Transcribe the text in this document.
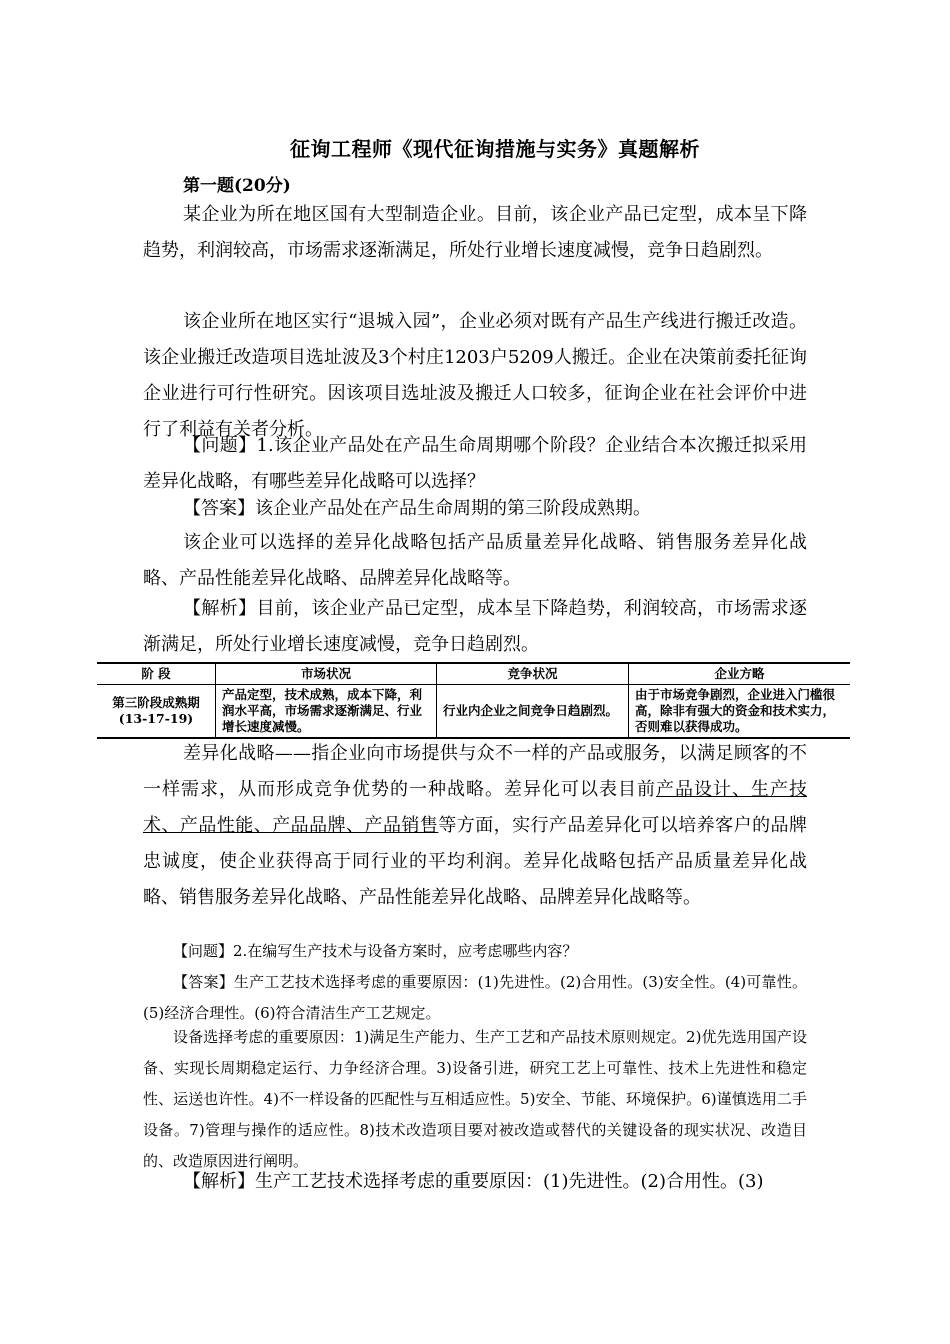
征询工程师《现代征询措施与实务》真题解析
第一题(20分)
某企业为所在地区国有大型制造企业。目前，该企业产品已定型，成本呈下降趋势，利润较高，市场需求逐渐满足，所处行业增长速度减慢，竞争日趋剧烈。
该企业所在地区实行“退城入园”，企业必须对既有产品生产线进行搬迁改造。该企业搬迁改造项目选址波及3个村庄1203户5209人搬迁。企业在决策前委托征询企业进行可行性研究。因该项目选址波及搬迁人口较多，征询企业在社会评价中进行了利益有关者分析。
【问题】1.该企业产品处在产品生命周期哪个阶段？企业结合本次搬迁拟采用差异化战略，有哪些差异化战略可以选择？
【答案】该企业产品处在产品生命周期的第三阶段成熟期。
该企业可以选择的差异化战略包括产品质量差异化战略、销售服务差异化战略、产品性能差异化战略、品牌差异化战略等。
【解析】目前，该企业产品已定型，成本呈下降趋势，利润较高，市场需求逐渐满足，所处行业增长速度减慢，竞争日趋剧烈。
阶 段	市场状况	竞争状况	企业方略
第三阶段成熟期(13-17-19)	产品定型，技术成熟，成本下降，利润水平高，市场需求逐渐满足、行业增长速度减慢。	行业内企业之间竞争日趋剧烈。	由于市场竞争剧烈，企业进入门槛很高，除非有强大的资金和技术实力，否则难以获得成功。
差异化战略——指企业向市场提供与众不一样的产品或服务，以满足顾客的不一样需求，从而形成竞争优势的一种战略。差异化可以表目前产品设计、生产技术、产品性能、产品品牌、产品销售等方面，实行产品差异化可以培养客户的品牌忠诚度，使企业获得高于同行业的平均利润。差异化战略包括产品质量差异化战略、销售服务差异化战略、产品性能差异化战略、品牌差异化战略等。
【问题】2.在编写生产技术与设备方案时，应考虑哪些内容？
【答案】生产工艺技术选择考虑的重要原因：(1)先进性。(2)合用性。(3)安全性。(4)可靠性。(5)经济合理性。(6)符合清洁生产工艺规定。
设备选择考虑的重要原因：1)满足生产能力、生产工艺和产品技术原则规定。2)优先选用国产设备、实现长周期稳定运行、力争经济合理。3)设备引进，研究工艺上可靠性、技术上先进性和稳定性、运送也许性。4)不一样设备的匹配性与互相适应性。5)安全、节能、环境保护。6)谨慎选用二手设备。7)管理与操作的适应性。8)技术改造项目要对被改造或替代的关键设备的现实状况、改造目的、改造原因进行阐明。
【解析】生产工艺技术选择考虑的重要原因：(1)先进性。(2)合用性。(3)
